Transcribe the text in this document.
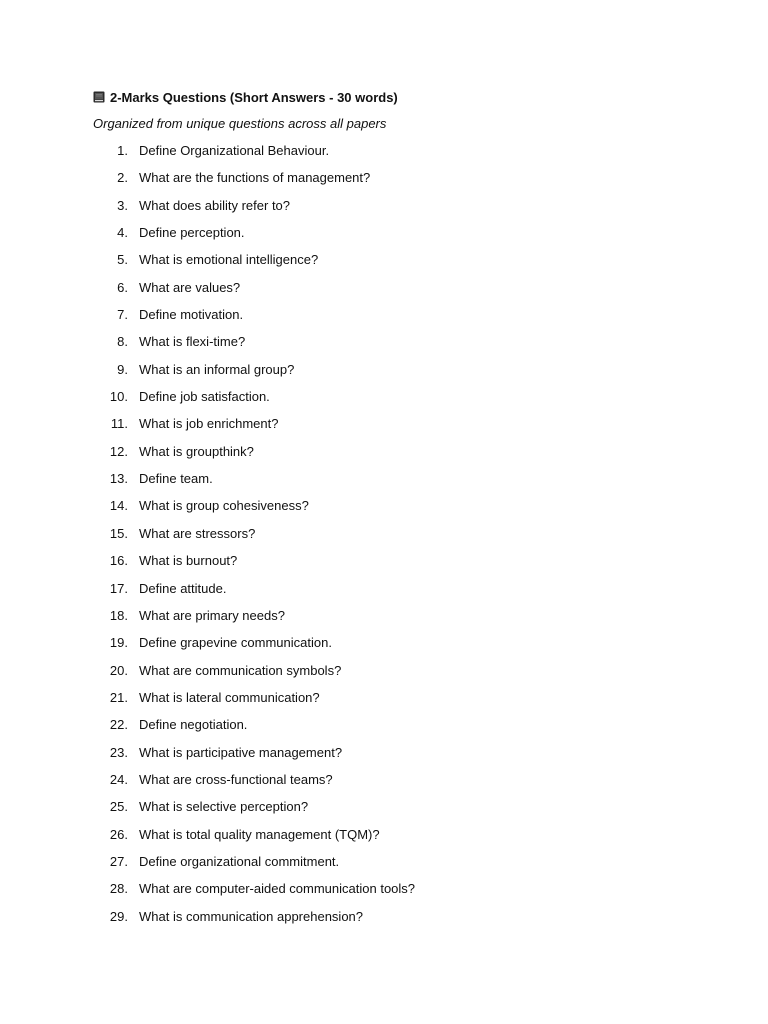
2-Marks Questions (Short Answers - 30 words)
Organized from unique questions across all papers
1. Define Organizational Behaviour.
2. What are the functions of management?
3. What does ability refer to?
4. Define perception.
5. What is emotional intelligence?
6. What are values?
7. Define motivation.
8. What is flexi-time?
9. What is an informal group?
10. Define job satisfaction.
11. What is job enrichment?
12. What is groupthink?
13. Define team.
14. What is group cohesiveness?
15. What are stressors?
16. What is burnout?
17. Define attitude.
18. What are primary needs?
19. Define grapevine communication.
20. What are communication symbols?
21. What is lateral communication?
22. Define negotiation.
23. What is participative management?
24. What are cross-functional teams?
25. What is selective perception?
26. What is total quality management (TQM)?
27. Define organizational commitment.
28. What are computer-aided communication tools?
29. What is communication apprehension?
